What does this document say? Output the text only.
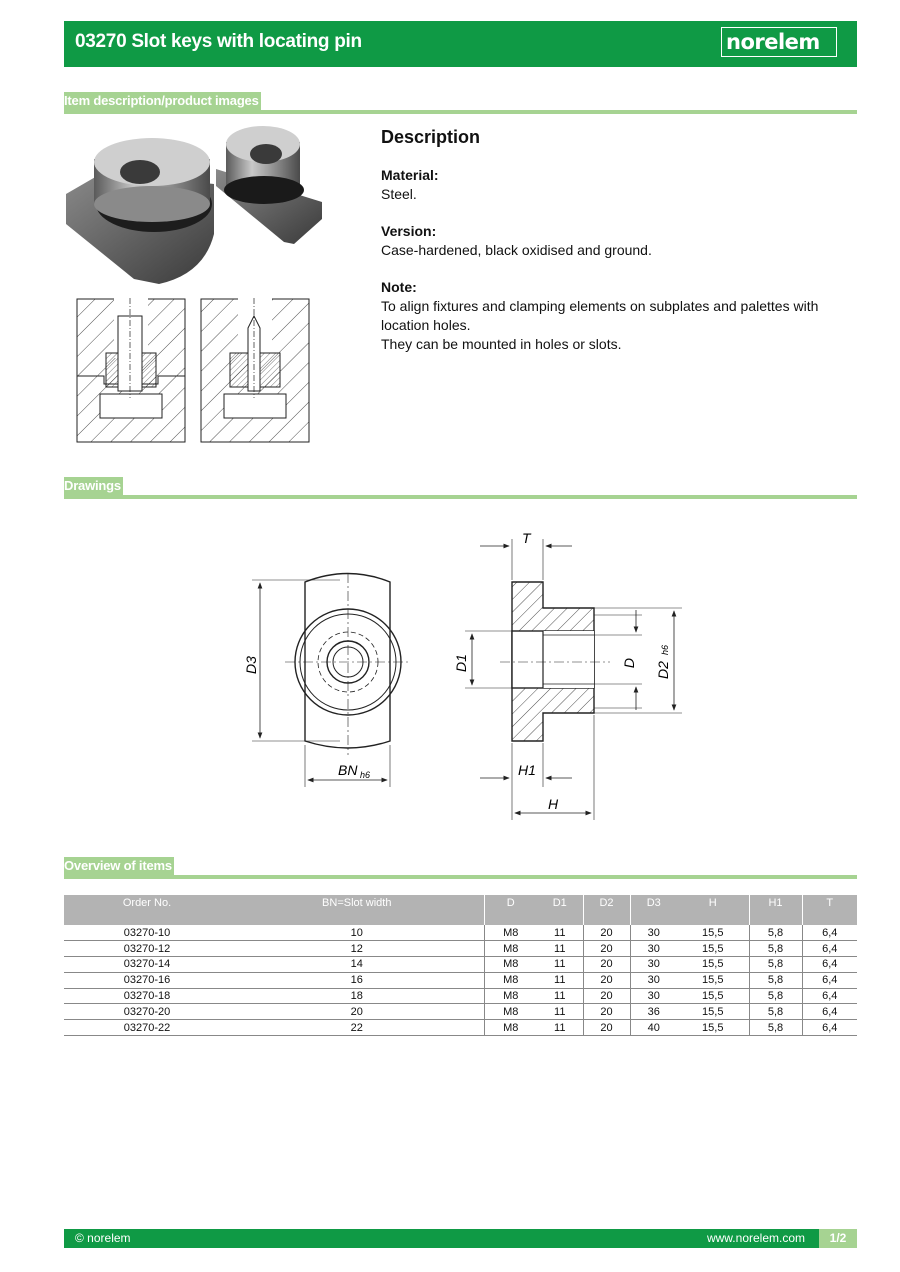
03270 Slot keys with locating pin	norelem
Item description/product images
Description
Material:
Steel.
Version:
Case-hardened, black oxidised and ground.
Note:
To align fixtures and clamping elements on subplates and palettes with location holes.
They can be mounted in holes or slots.
Drawings
D3
BN h6
T
D1	D D2
h6
H1
H
Overview of items
Order No.	BN=Slot width	D	D1	D2	D3	H	H1	T
03270-10	10	M8	11	20	30	15,5	5,8	6,4
03270-12	12	M8	11	20	30	15,5	5,8	6,4
03270-14	14	M8	11	20	30	15,5	5,8	6,4
03270-16	16	M8	11	20	30	15,5	5,8	6,4
03270-18	18	M8	11	20	30	15,5	5,8	6,4
03270-20	20	M8	11	20	36	15,5	5,8	6,4
03270-22	22	M8	11	20	40	15,5	5,8	6,4
© norelem	www.norelem.com	1/2
